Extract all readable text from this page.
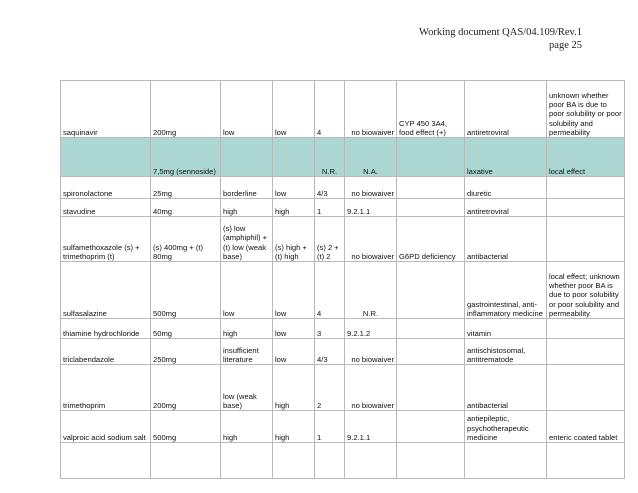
Working document QAS/04.109/Rev.1
page 25
saquinavir	200mg	low	low	4	no biowaiver	CYP 450 3A4, food effect (+)	antiretroviral	unknown whether poor BA is due to poor solubility or poor solubility and permeability
	7,5mg (sennoside)			N.R.	N.A.		laxative	local effect
spironolactone	25mg	borderline	low	4/3	no biowaiver		diuretic	
stavudine	40mg	high	high	1	9.2.1.1		antiretroviral	
sulfamethoxazole (s) + trimethoprim (t)	(s) 400mg + (t) 80mg	(s) low (amphiphil) + (t) low (weak base)	(s) high + (t) high	(s) 2 + (t) 2	no biowaiver	G6PD deficiency	antibacterial	
sulfasalazine	500mg	low	low	4	N.R.		gastrointestinal, anti-inflammatory medicine	local effect; unknown whether poor BA is due to poor solubility or poor solubility and permeability
thiamine hydrochloride	50mg	high	low	3	9.2.1.2		vitamin	
triclabendazole	250mg	insufficient literature	low	4/3	no biowaiver		antischistosomal, antitrematode	
trimethoprim	200mg	low (weak base)	high	2	no biowaiver		antibacterial	
valproic acid sodium salt	500mg	high	high	1	9.2.1.1		antiepileptic, psychotherapeutic medicine	enteric coated tablet
